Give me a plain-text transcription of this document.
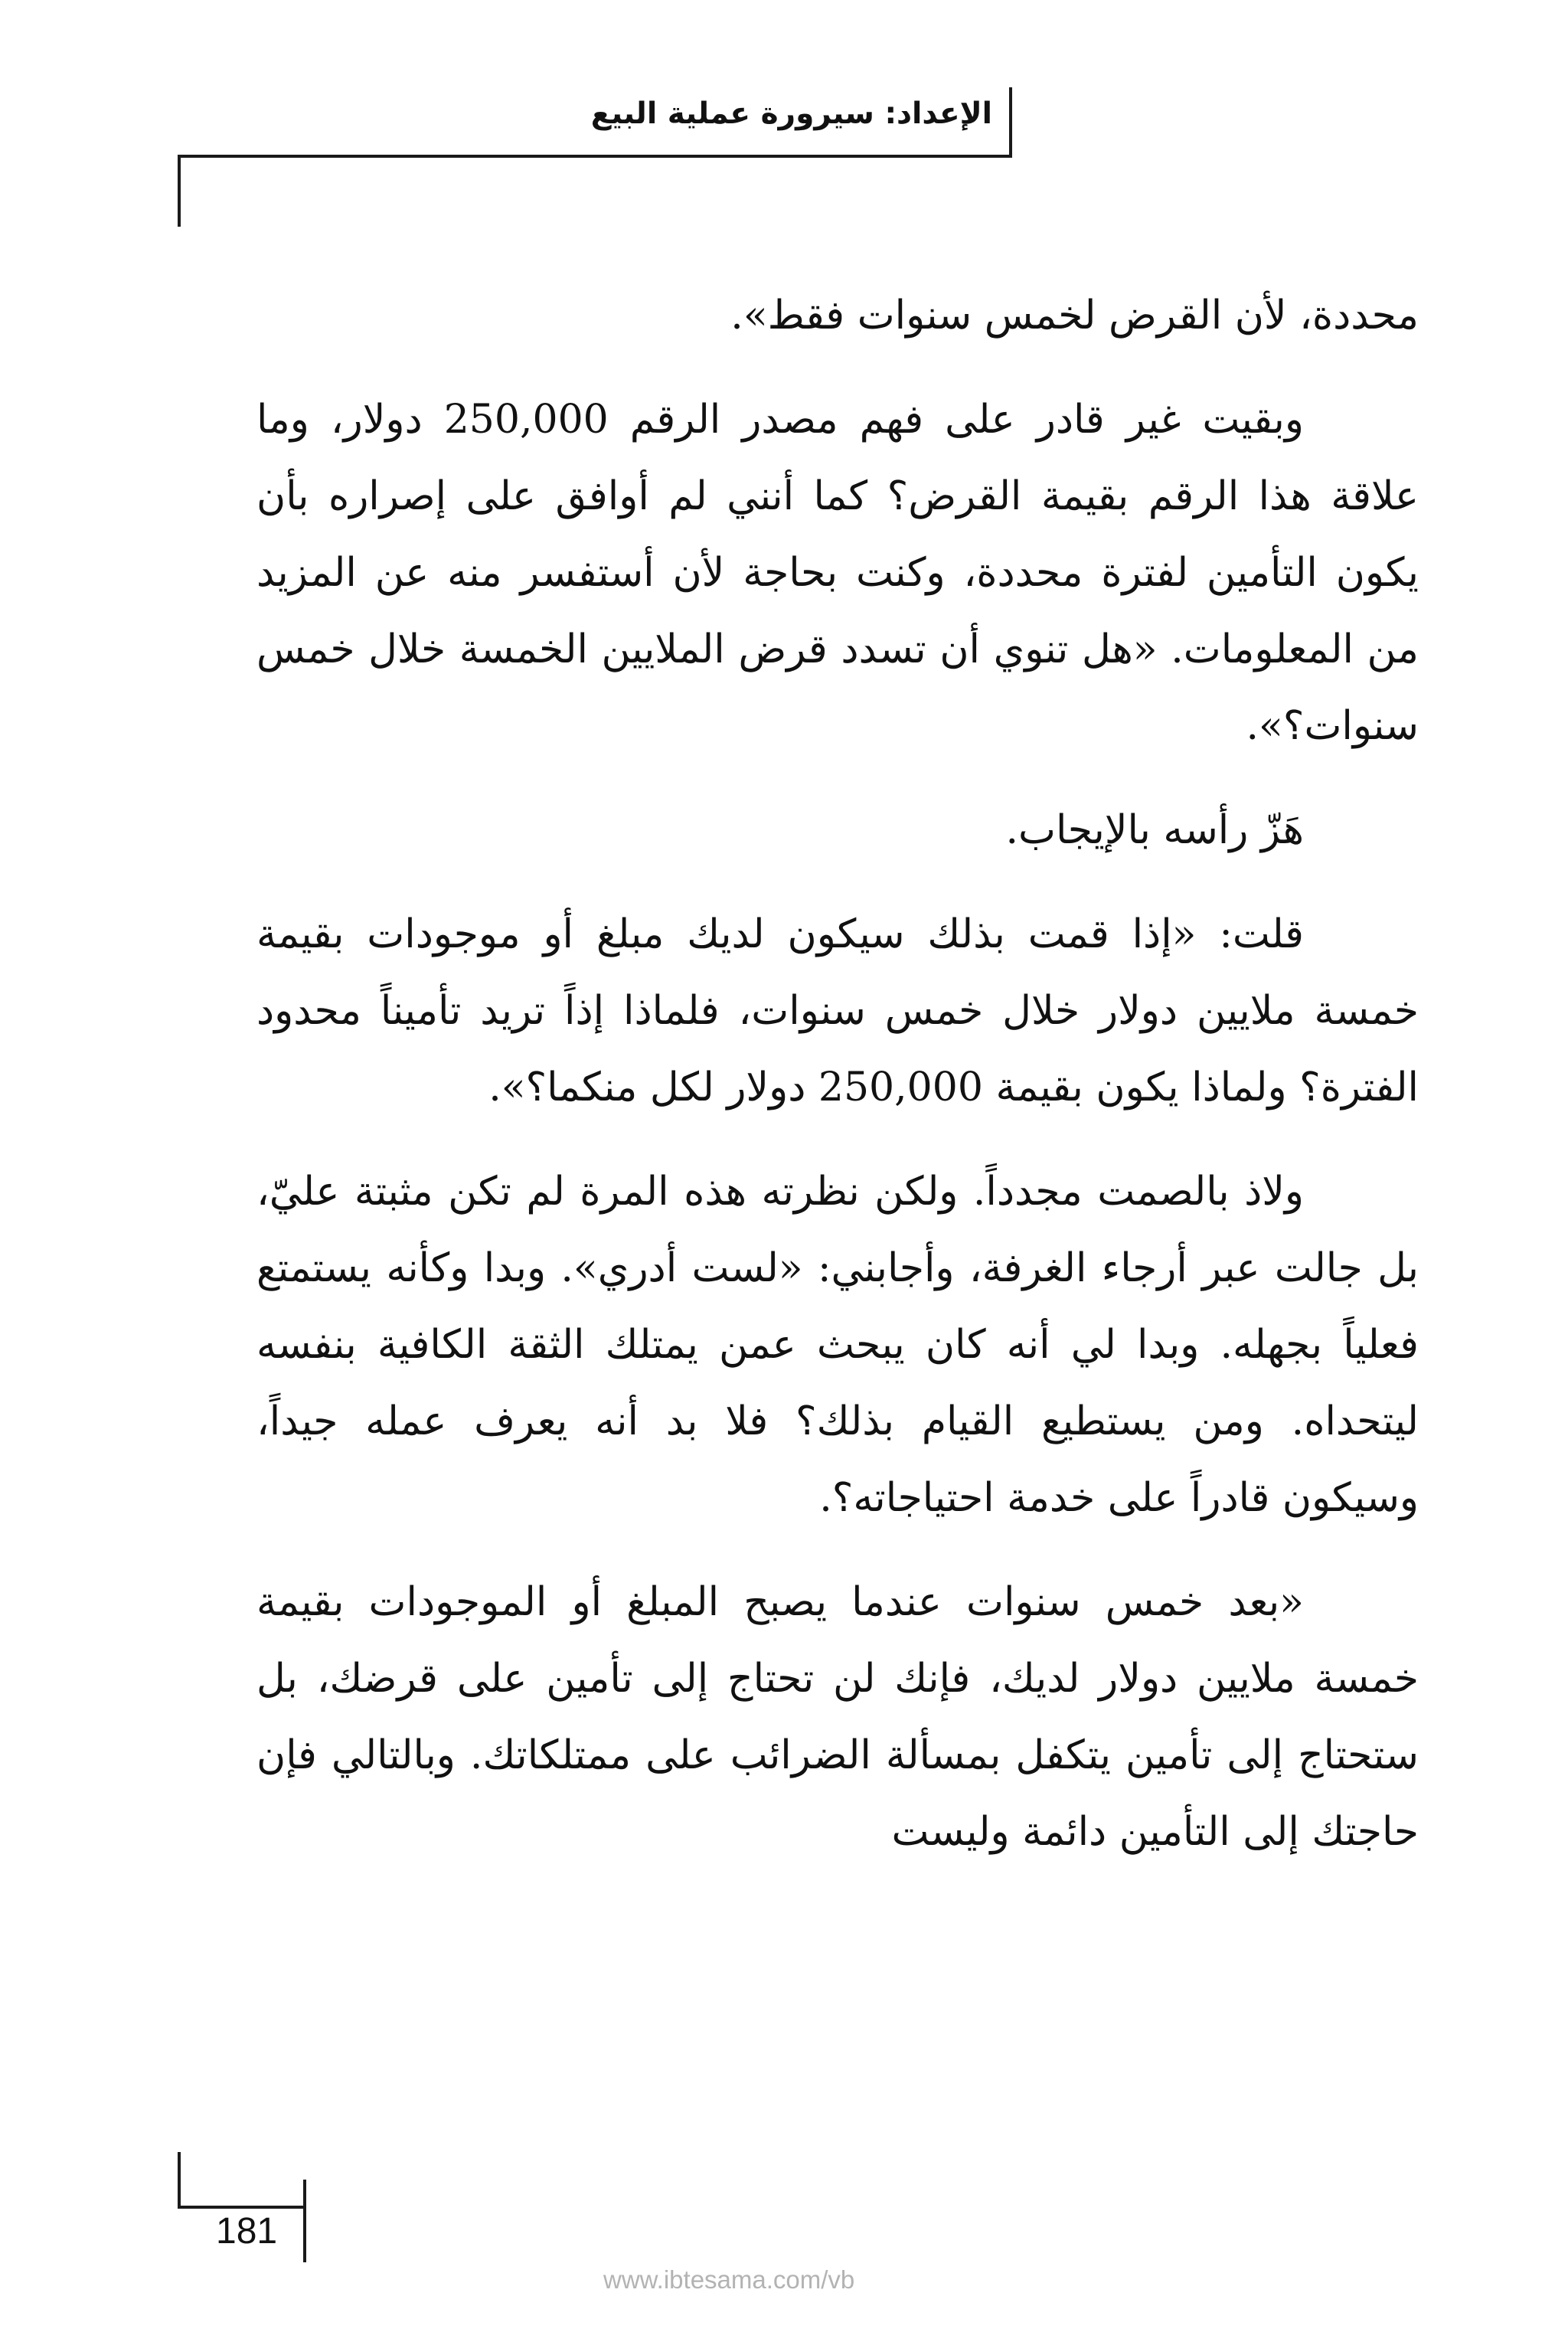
الإعداد: سيرورة عملية البيع

محددة، لأن القرض لخمس سنوات فقط».

وبقيت غير قادر على فهم مصدر الرقم 250,000 دولار، وما علاقة هذا الرقم بقيمة القرض؟ كما أنني لم أوافق على إصراره بأن يكون التأمين لفترة محددة، وكنت بحاجة لأن أستفسر منه عن المزيد من المعلومات. «هل تنوي أن تسدد قرض الملايين الخمسة خلال خمس سنوات؟».

هَزّ رأسه بالإيجاب.

قلت: «إذا قمت بذلك سيكون لديك مبلغ أو موجودات بقيمة خمسة ملايين دولار خلال خمس سنوات، فلماذا إذاً تريد تأميناً محدود الفترة؟ ولماذا يكون بقيمة 250,000 دولار لكل منكما؟».

ولاذ بالصمت مجدداً. ولكن نظرته هذه المرة لم تكن مثبتة عليّ، بل جالت عبر أرجاء الغرفة، وأجابني: «لست أدري». وبدا وكأنه يستمتع فعلياً بجهله. وبدا لي أنه كان يبحث عمن يمتلك الثقة الكافية بنفسه ليتحداه. ومن يستطيع القيام بذلك؟ فلا بد أنه يعرف عمله جيداً، وسيكون قادراً على خدمة احتياجاته؟.

«بعد خمس سنوات عندما يصبح المبلغ أو الموجودات بقيمة خمسة ملايين دولار لديك، فإنك لن تحتاج إلى تأمين على قرضك، بل ستحتاج إلى تأمين يتكفل بمسألة الضرائب على ممتلكاتك. وبالتالي فإن حاجتك إلى التأمين دائمة وليست

181
www.ibtesama.com/vb
